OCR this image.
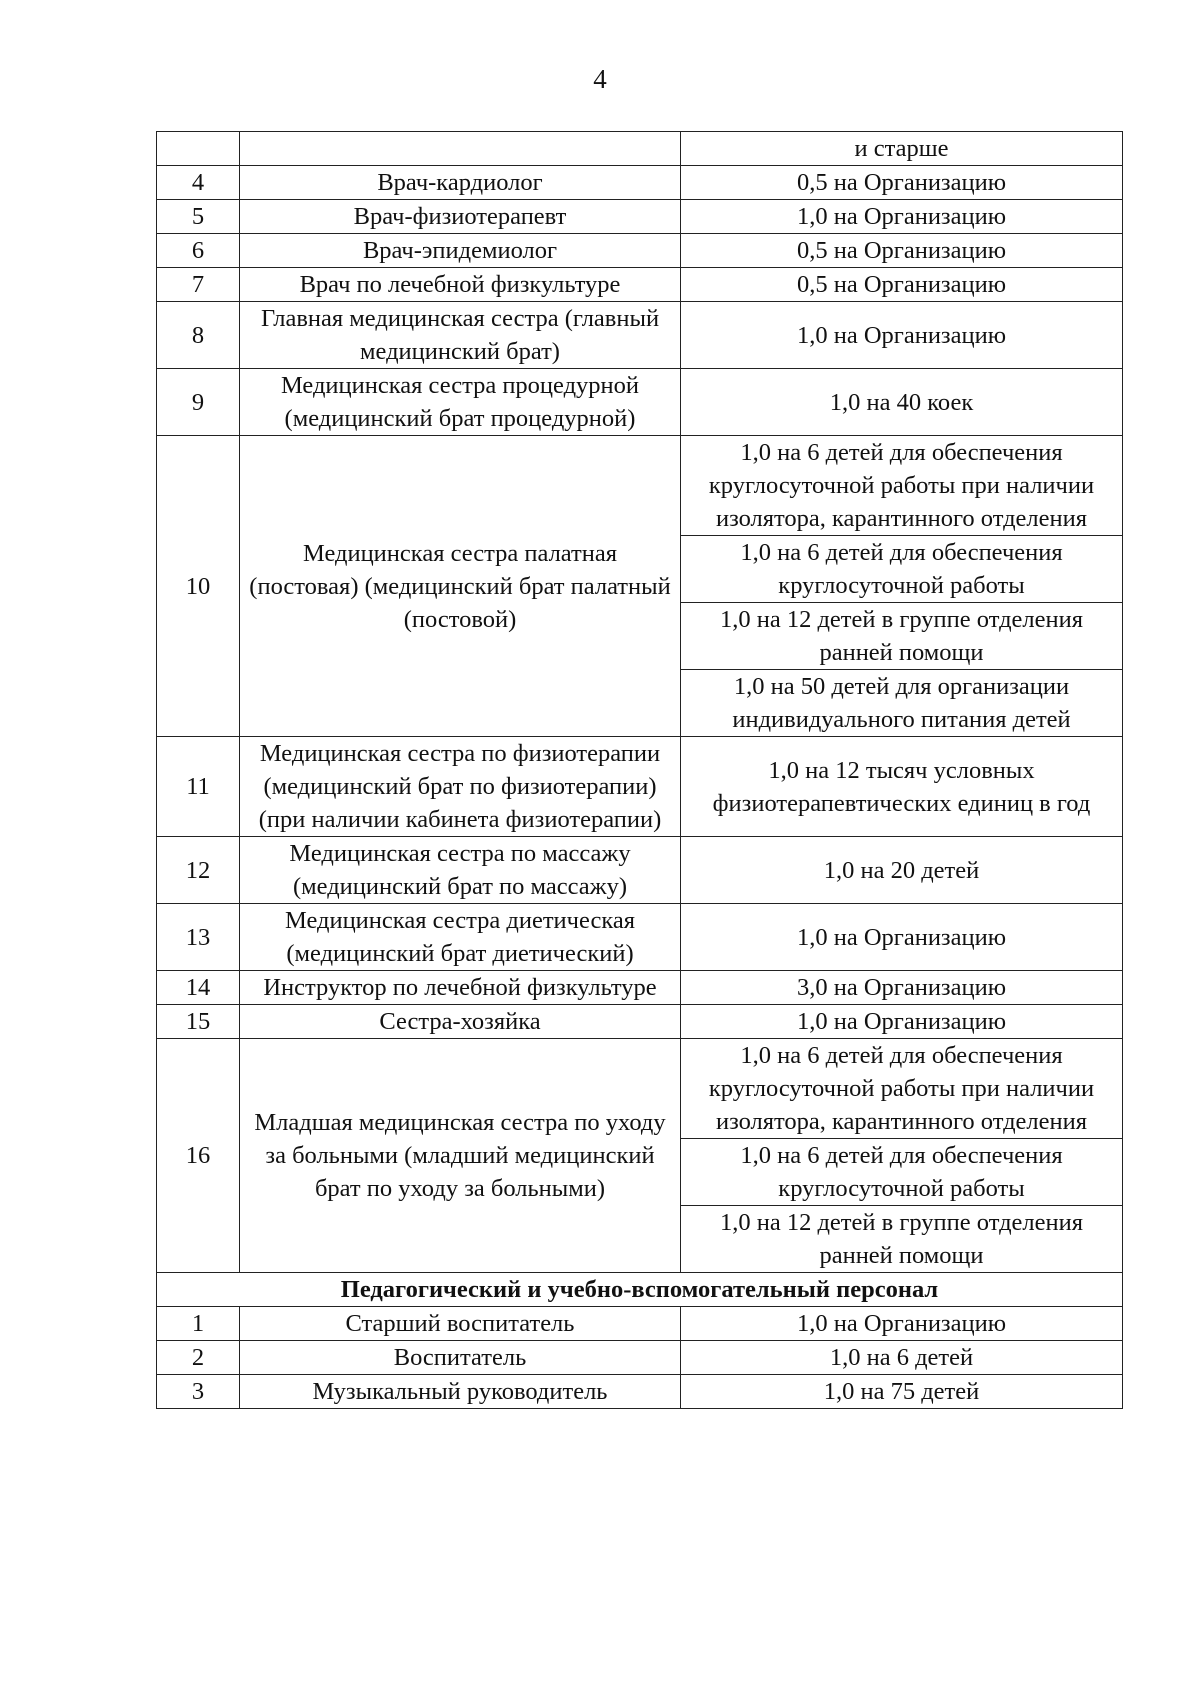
4
		и старше
4	Врач-кардиолог	0,5 на Организацию
5	Врач-физиотерапевт	1,0 на Организацию
6	Врач-эпидемиолог	0,5 на Организацию
7	Врач по лечебной физкультуре	0,5 на Организацию
8	Главная медицинская сестра (главный медицинский брат)	1,0 на Организацию
9	Медицинская сестра процедурной (медицинский брат процедурной)	1,0 на 40 коек
10	Медицинская сестра палатная (постовая) (медицинский брат палатный (постовой)	1,0 на 6 детей для обеспечения круглосуточной работы при наличии изолятора, карантинного отделения
		1,0 на 6 детей для обеспечения круглосуточной работы
		1,0 на 12 детей в группе отделения ранней помощи
		1,0 на 50 детей для организации индивидуального питания детей
11	Медицинская сестра по физиотерапии (медицинский брат по физиотерапии) (при наличии кабинета физиотерапии)	1,0 на 12 тысяч условных физиотерапевтических единиц в год
12	Медицинская сестра по массажу (медицинский брат по массажу)	1,0 на 20 детей
13	Медицинская сестра диетическая (медицинский брат диетический)	1,0 на Организацию
14	Инструктор по лечебной физкультуре	3,0 на Организацию
15	Сестра-хозяйка	1,0 на Организацию
16	Младшая медицинская сестра по уходу за больными (младший медицинский брат по уходу за больными)	1,0 на 6 детей для обеспечения круглосуточной работы при наличии изолятора, карантинного отделения
		1,0 на 6 детей для обеспечения круглосуточной работы
		1,0 на 12 детей в группе отделения ранней помощи
Педагогический и учебно-вспомогательный персонал		
1	Старший воспитатель	1,0 на Организацию
2	Воспитатель	1,0 на 6 детей
3	Музыкальный руководитель	1,0 на 75 детей
